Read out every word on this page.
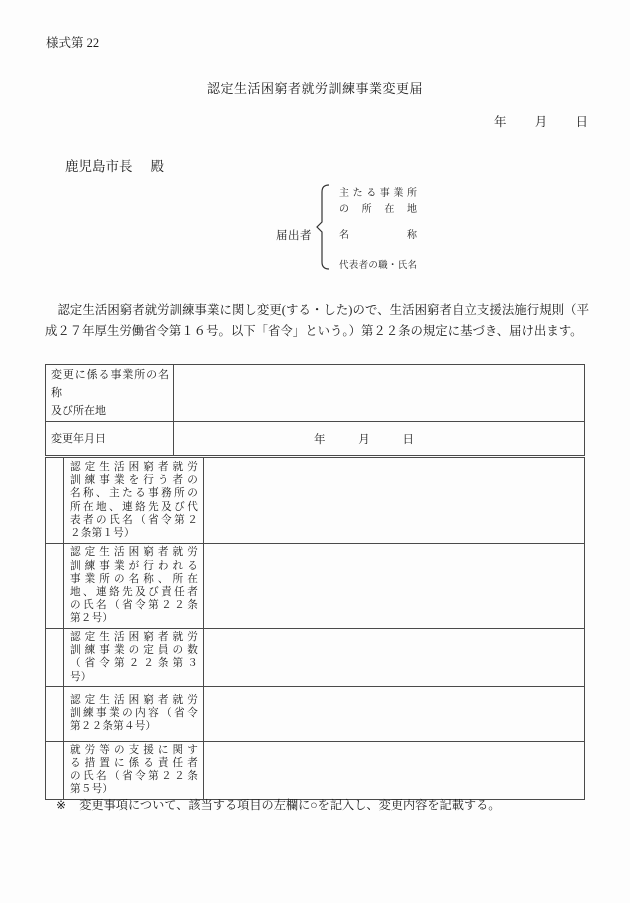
様式第 22
認定生活困窮者就労訓練事業変更届
年 月 日
鹿児島市長 殿
届出者
主たる事業所
の所在地
名称
代表者の職・氏名
　認定生活困窮者就労訓練事業に関し変更(する・した)ので、生活困窮者自立支援法施行規則（平
成２７年厚生労働省令第１６号。以下「省令」という。）第２２条の規定に基づき、届け出ます。
変更に係る事業所の名称
及び所在地	

変更年月日	年 月 日

認定生活困窮者就労
訓練事業を行う者の
名称、主たる事務所の
所在地、連絡先及び代
表者の氏名（省令第２
２条第１号）

認定生活困窮者就労
訓練事業が行われる
事業所の名称、所在
地、連絡先及び責任者
の氏名（省令第２２条
第２号）

	認定生活困窮者就労
訓練事業の定員の数
（省令第２２条第３
号）	

	認定生活困窮者就労
訓練事業の内容（省令
第２２条第４号）	

	就労等の支援に関す
る措置に係る責任者
の氏名（省令第２２条
第５号）	

※ 変更事項について、該当する項目の左欄に○を記入し、変更内容を記載する。
